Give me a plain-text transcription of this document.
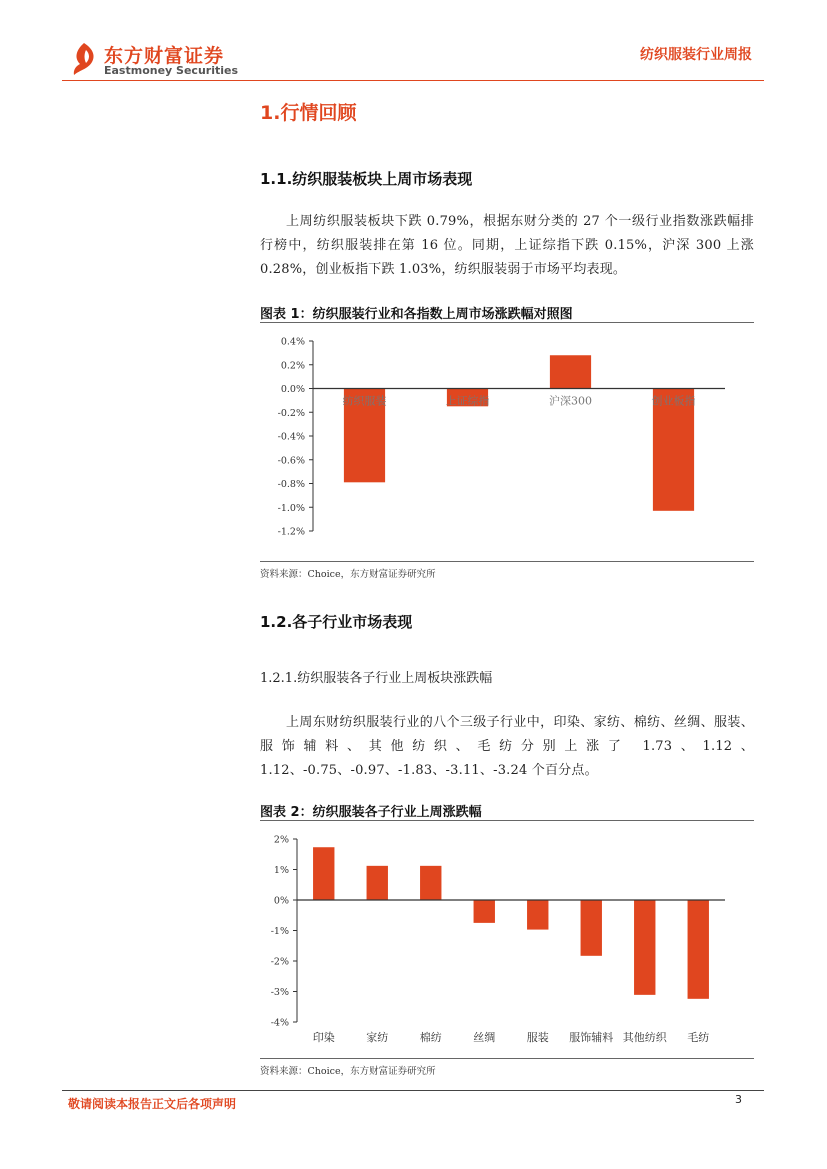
东方财富证券
Eastmoney Securities
纺织服装行业周报
1.行情回顾
1.1.纺织服装板块上周市场表现
上周纺织服装板块下跌 0.79%，根据东财分类的 27 个一级行业指数涨跌幅排行榜中，纺织服装排在第 16 位。同期，上证综指下跌 0.15%，沪深 300 上涨 0.28%，创业板指下跌 1.03%，纺织服装弱于市场平均表现。
图表 1：纺织服装行业和各指数上周市场涨跌幅对照图
0.4%
0.2%
0.0%
-0.2%
-0.4%
-0.6%
-0.8%
-1.0%
-1.2%
纺织服装	上证综指	沪深300	创业板指
资料来源：Choice，东方财富证券研究所
1.2.各子行业市场表现
1.2.1.纺织服装各子行业上周板块涨跌幅
上周东财纺织服装行业的八个三级子行业中，印染、家纺、棉纺、丝绸、服装、服饰辅料、其他纺织、毛纺分别上涨了 1.73、1.12、1.12、-0.75、-0.97、-1.83、-3.11、-3.24 个百分点。
图表 2：纺织服装各子行业上周涨跌幅
2%
1%
0%
-1%
-2%
-3%
-4%
印染	家纺	棉纺	丝绸	服装 服饰辅料 其他纺织 毛纺
资料来源：Choice，东方财富证券研究所
敬请阅读本报告正文后各项声明	3
